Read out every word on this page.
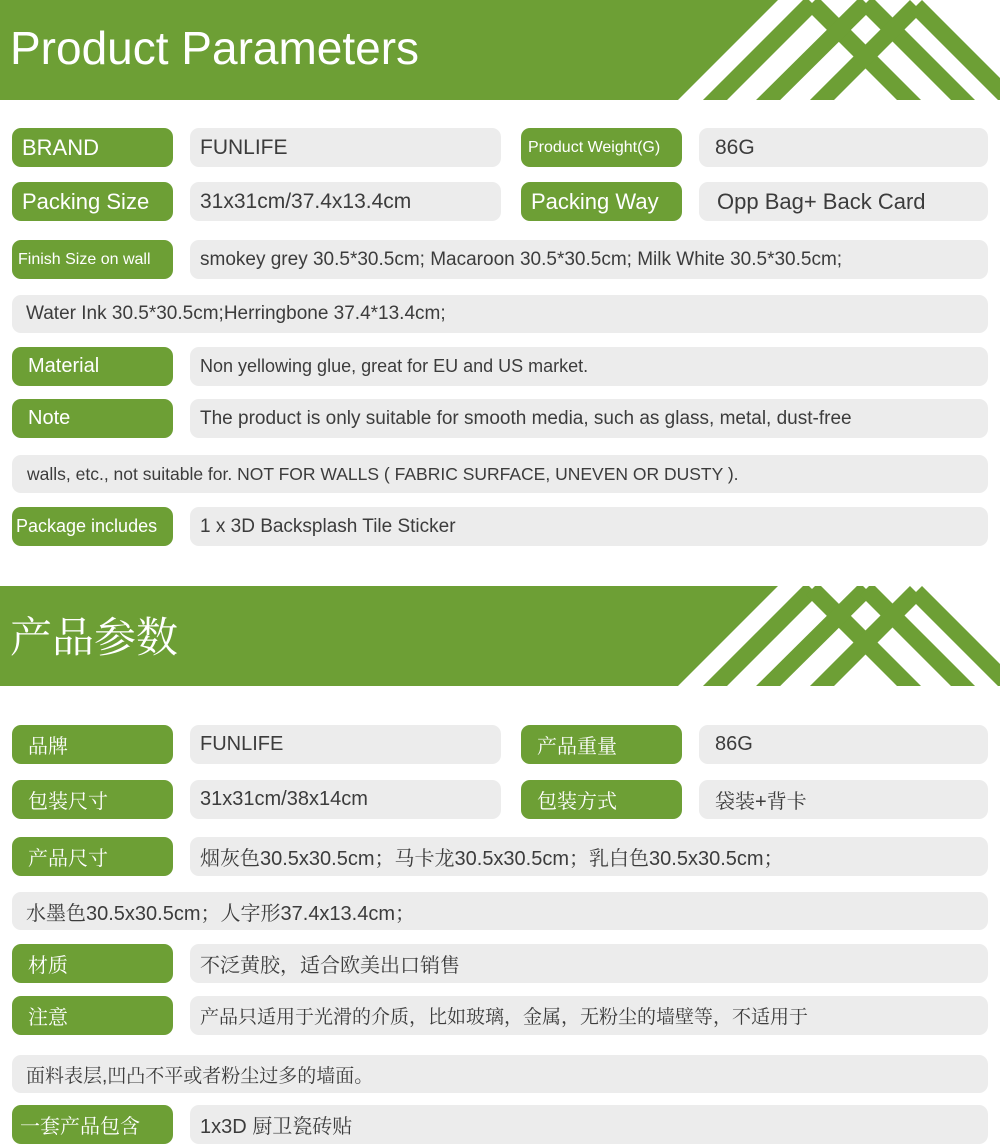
Product Parameters
BRAND	FUNLIFE	Product Weight(G)	86G
Packing Size	31x31cm/37.4x13.4cm	Packing Way	Opp Bag+ Back Card
Finish Size on wall	smokey grey 30.5*30.5cm; Macaroon 30.5*30.5cm; Milk White 30.5*30.5cm;
Water Ink 30.5*30.5cm;Herringbone 37.4*13.4cm;
Material	Non yellowing glue, great for EU and US market.
Note	The product is only suitable for smooth media, such as glass, metal, dust-free
walls, etc., not suitable for. NOT FOR WALLS ( FABRIC SURFACE, UNEVEN OR DUSTY ).
Package includes	1 x 3D Backsplash Tile Sticker
产品参数
品牌	FUNLIFE	产品重量	86G
包装尺寸	31x31cm/38x14cm	包装方式	袋装+背卡
产品尺寸	烟灰色30.5x30.5cm；马卡龙30.5x30.5cm；乳白色30.5x30.5cm；
水墨色30.5x30.5cm；人字形37.4x13.4cm；
材质	不泛黄胶，适合欧美出口销售
注意	产品只适用于光滑的介质，比如玻璃，金属，无粉尘的墙壁等，不适用于
面料表层,凹凸不平或者粉尘过多的墙面。
一套产品包含	1x3D 厨卫瓷砖贴
